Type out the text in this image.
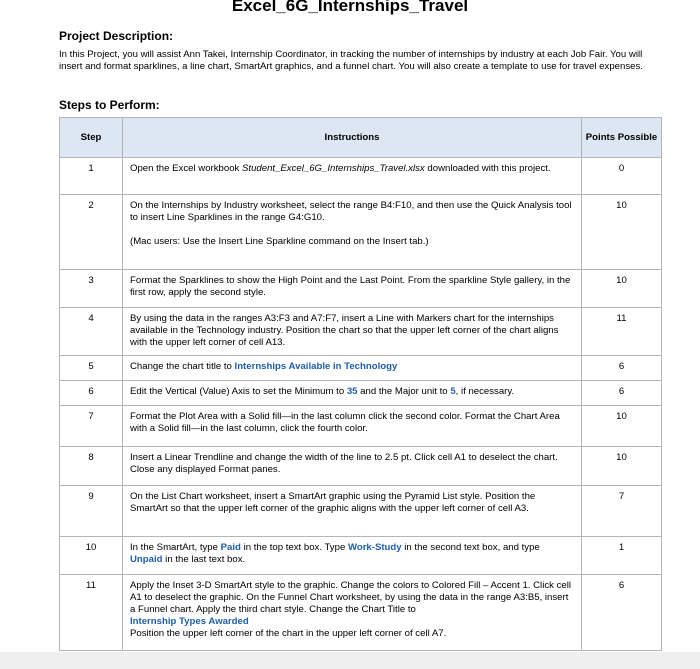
Excel_6G_Internships_Travel
Project Description:
In this Project, you will assist Ann Takei, Internship Coordinator, in tracking the number of internships by industry at each Job Fair. You will insert and format sparklines, a line chart, SmartArt graphics, and a funnel chart. You will also create a template to use for travel expenses.
Steps to Perform:
Step	Instructions	Points Possible
1	Open the Excel workbook Student_Excel_6G_Internships_Travel.xlsx downloaded with this project.	0
2	On the Internships by Industry worksheet, select the range B4:F10, and then use the Quick Analysis tool to insert Line Sparklines in the range G4:G10.
(Mac users: Use the Insert Line Sparkline command on the Insert tab.)	10
3	Format the Sparklines to show the High Point and the Last Point. From the sparkline Style gallery, in the first row, apply the second style.	10
4	By using the data in the ranges A3:F3 and A7:F7, insert a Line with Markers chart for the internships available in the Technology industry. Position the chart so that the upper left corner of the chart aligns with the upper left corner of cell A13.	11
5	Change the chart title to Internships Available in Technology	6
6	Edit the Vertical (Value) Axis to set the Minimum to 35 and the Major unit to 5, if necessary.	6
7	Format the Plot Area with a Solid fill—in the last column click the second color. Format the Chart Area with a Solid fill—in the last column, click the fourth color.	10
8	Insert a Linear Trendline and change the width of the line to 2.5 pt. Click cell A1 to deselect the chart. Close any displayed Format panes.	10
9	On the List Chart worksheet, insert a SmartArt graphic using the Pyramid List style. Position the SmartArt so that the upper left corner of the graphic aligns with the upper left corner of cell A3.	7
10	In the SmartArt, type Paid in the top text box. Type Work-Study in the second text box, and type Unpaid in the last text box.	1
11	Apply the Inset 3-D SmartArt style to the graphic. Change the colors to Colored Fill – Accent 1. Click cell A1 to deselect the graphic. On the Funnel Chart worksheet, by using the data in the range A3:B5, insert a Funnel chart. Apply the third chart style. Change the Chart Title to
Internship Types Awarded
Position the upper left corner of the chart in the upper left corner of cell A7.	6
